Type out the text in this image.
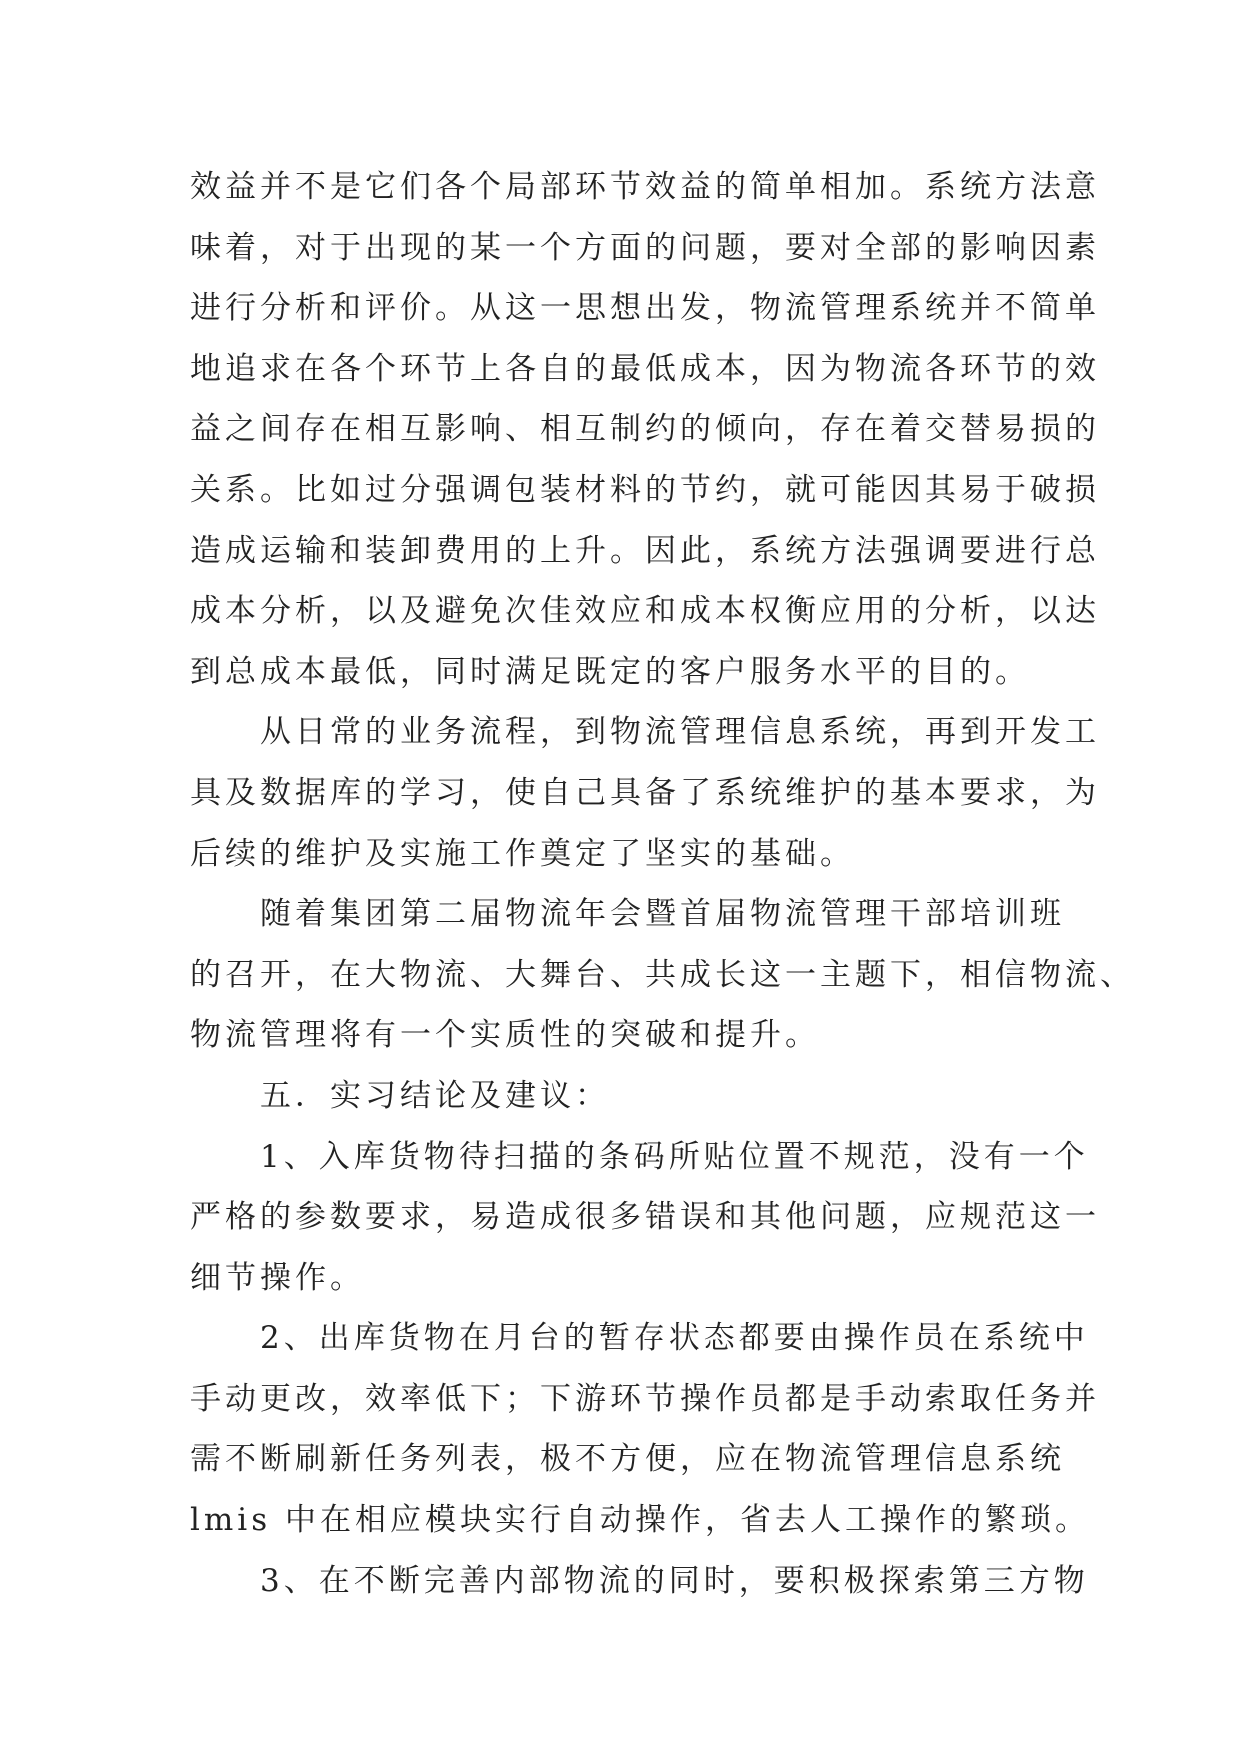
效益并不是它们各个局部环节效益的简单相加。系统方法意
味着，对于出现的某一个方面的问题，要对全部的影响因素
进行分析和评价。从这一思想出发，物流管理系统并不简单
地追求在各个环节上各自的最低成本，因为物流各环节的效
益之间存在相互影响、相互制约的倾向，存在着交替易损的
关系。比如过分强调包装材料的节约，就可能因其易于破损
造成运输和装卸费用的上升。因此，系统方法强调要进行总
成本分析，以及避免次佳效应和成本权衡应用的分析，以达
到总成本最低，同时满足既定的客户服务水平的目的。
从日常的业务流程，到物流管理信息系统，再到开发工
具及数据库的学习，使自己具备了系统维护的基本要求，为
后续的维护及实施工作奠定了坚实的基础。
随着集团第二届物流年会暨首届物流管理干部培训班
的召开，在大物流、大舞台、共成长这一主题下，相信物流、
物流管理将有一个实质性的突破和提升。
五．实习结论及建议：
1、入库货物待扫描的条码所贴位置不规范，没有一个
严格的参数要求，易造成很多错误和其他问题，应规范这一
细节操作。
2、出库货物在月台的暂存状态都要由操作员在系统中
手动更改，效率低下；下游环节操作员都是手动索取任务并
需不断刷新任务列表，极不方便，应在物流管理信息系统
lmis 中在相应模块实行自动操作，省去人工操作的繁琐。
3、在不断完善内部物流的同时，要积极探索第三方物
